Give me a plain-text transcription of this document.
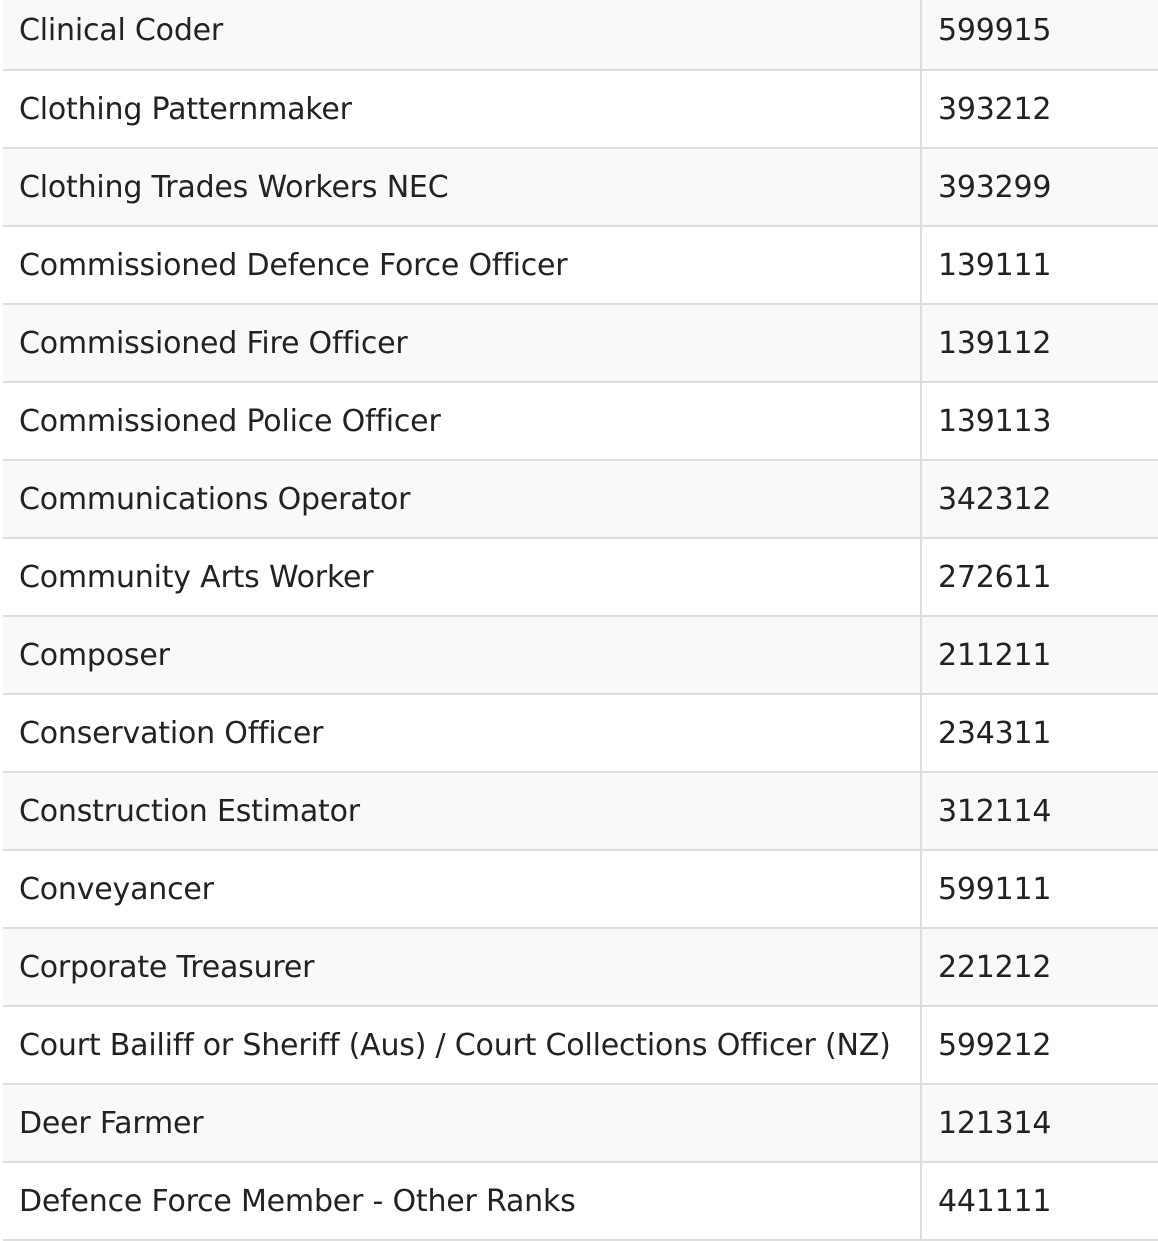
Clinical Coder	599915
Clothing Patternmaker	393212
Clothing Trades Workers NEC	393299
Commissioned Defence Force Officer	139111
Commissioned Fire Officer	139112
Commissioned Police Officer	139113
Communications Operator	342312
Community Arts Worker	272611
Composer	211211
Conservation Officer	234311
Construction Estimator	312114
Conveyancer	599111
Corporate Treasurer	221212
Court Bailiff or Sheriff (Aus) / Court Collections Officer (NZ)	599212
Deer Farmer	121314
Defence Force Member - Other Ranks	441111
